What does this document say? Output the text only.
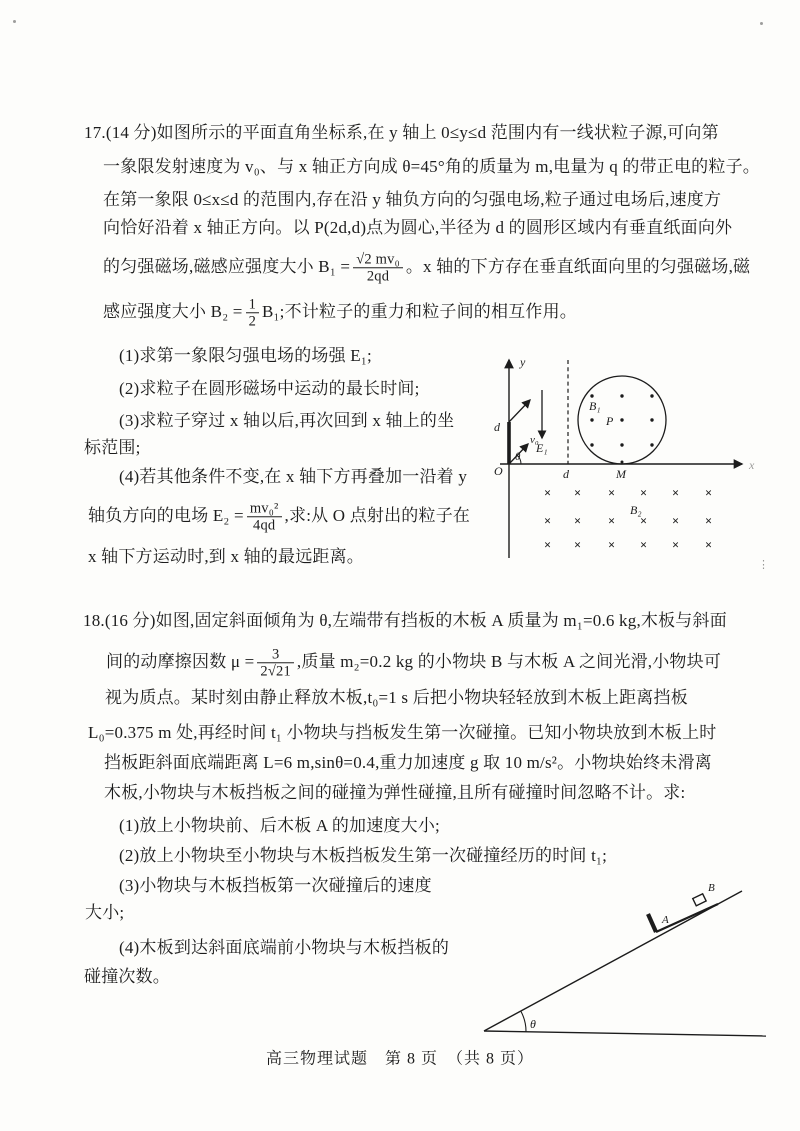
17.(14 分)如图所示的平面直角坐标系,在 y 轴上 0≤y≤d 范围内有一线状粒子源,可向第
一象限发射速度为 v₀、与 x 轴正方向成 θ=45°角的质量为 m,电量为 q 的带正电的粒子。
在第一象限 0≤x≤d 的范围内,存在沿 y 轴负方向的匀强电场,粒子通过电场后,速度方
向恰好沿着 x 轴正方向。以 P(2d,d)点为圆心,半径为 d 的圆形区域内有垂直纸面向外
的匀强磁场,磁感应强度大小 $B_1 = \frac{\text{√2 mv₀}}{2qd}$ 。x 轴的下方存在垂直纸面向里的匀强磁场,磁
感应强度大小 $B_2 = \frac{1}{2} B_1$;不计粒子的重力和粒子间的相互作用。
(1)求第一象限匀强电场的场强 E₁;
(2)求粒子在圆形磁场中运动的最长时间;
(3)求粒子穿过 x 轴以后,再次回到 x 轴上的坐
标范围;
(4)若其他条件不变,在 x 轴下方再叠加一沿着 y
轴负方向的电场 $E_2 = \frac{\text{mv₀²}}{4qd}$ ,求:从 O 点射出的粒子在
x 轴下方运动时,到 x 轴的最远距离。
y
x
O
d
v₀
θ
E₁
d
P
B₁
M
× × × × × ×
× × × × × ×
× × × × × ×
B₂
⋮
18.(16 分)如图,固定斜面倾角为 θ,左端带有挡板的木板 A 质量为 m₁=0.6 kg,木板与斜面
间的动摩擦因数 $\mu = \frac{3}{2√21}$ ,质量 m₂=0.2 kg 的小物块 B 与木板 A 之间光滑,小物块可
视为质点。某时刻由静止释放木板,t₀=1 s 后把小物块轻轻放到木板上距离挡板
L₀=0.375 m 处,再经时间 t₁ 小物块与挡板发生第一次碰撞。已知小物块放到木板上时
挡板距斜面底端距离 L=6 m,sinθ=0.4,重力加速度 g 取 10 m/s²。小物块始终未滑离
木板,小物块与木板挡板之间的碰撞为弹性碰撞,且所有碰撞时间忽略不计。求:
(1)放上小物块前、后木板 A 的加速度大小;
(2)放上小物块至小物块与木板挡板发生第一次碰撞经历的时间 t₁;
(3)小物块与木板挡板第一次碰撞后的速度
大小;
(4)木板到达斜面底端前小物块与木板挡板的
碰撞次数。
θ
A
B
高三物理试题　第 8 页　（共 8 页）
